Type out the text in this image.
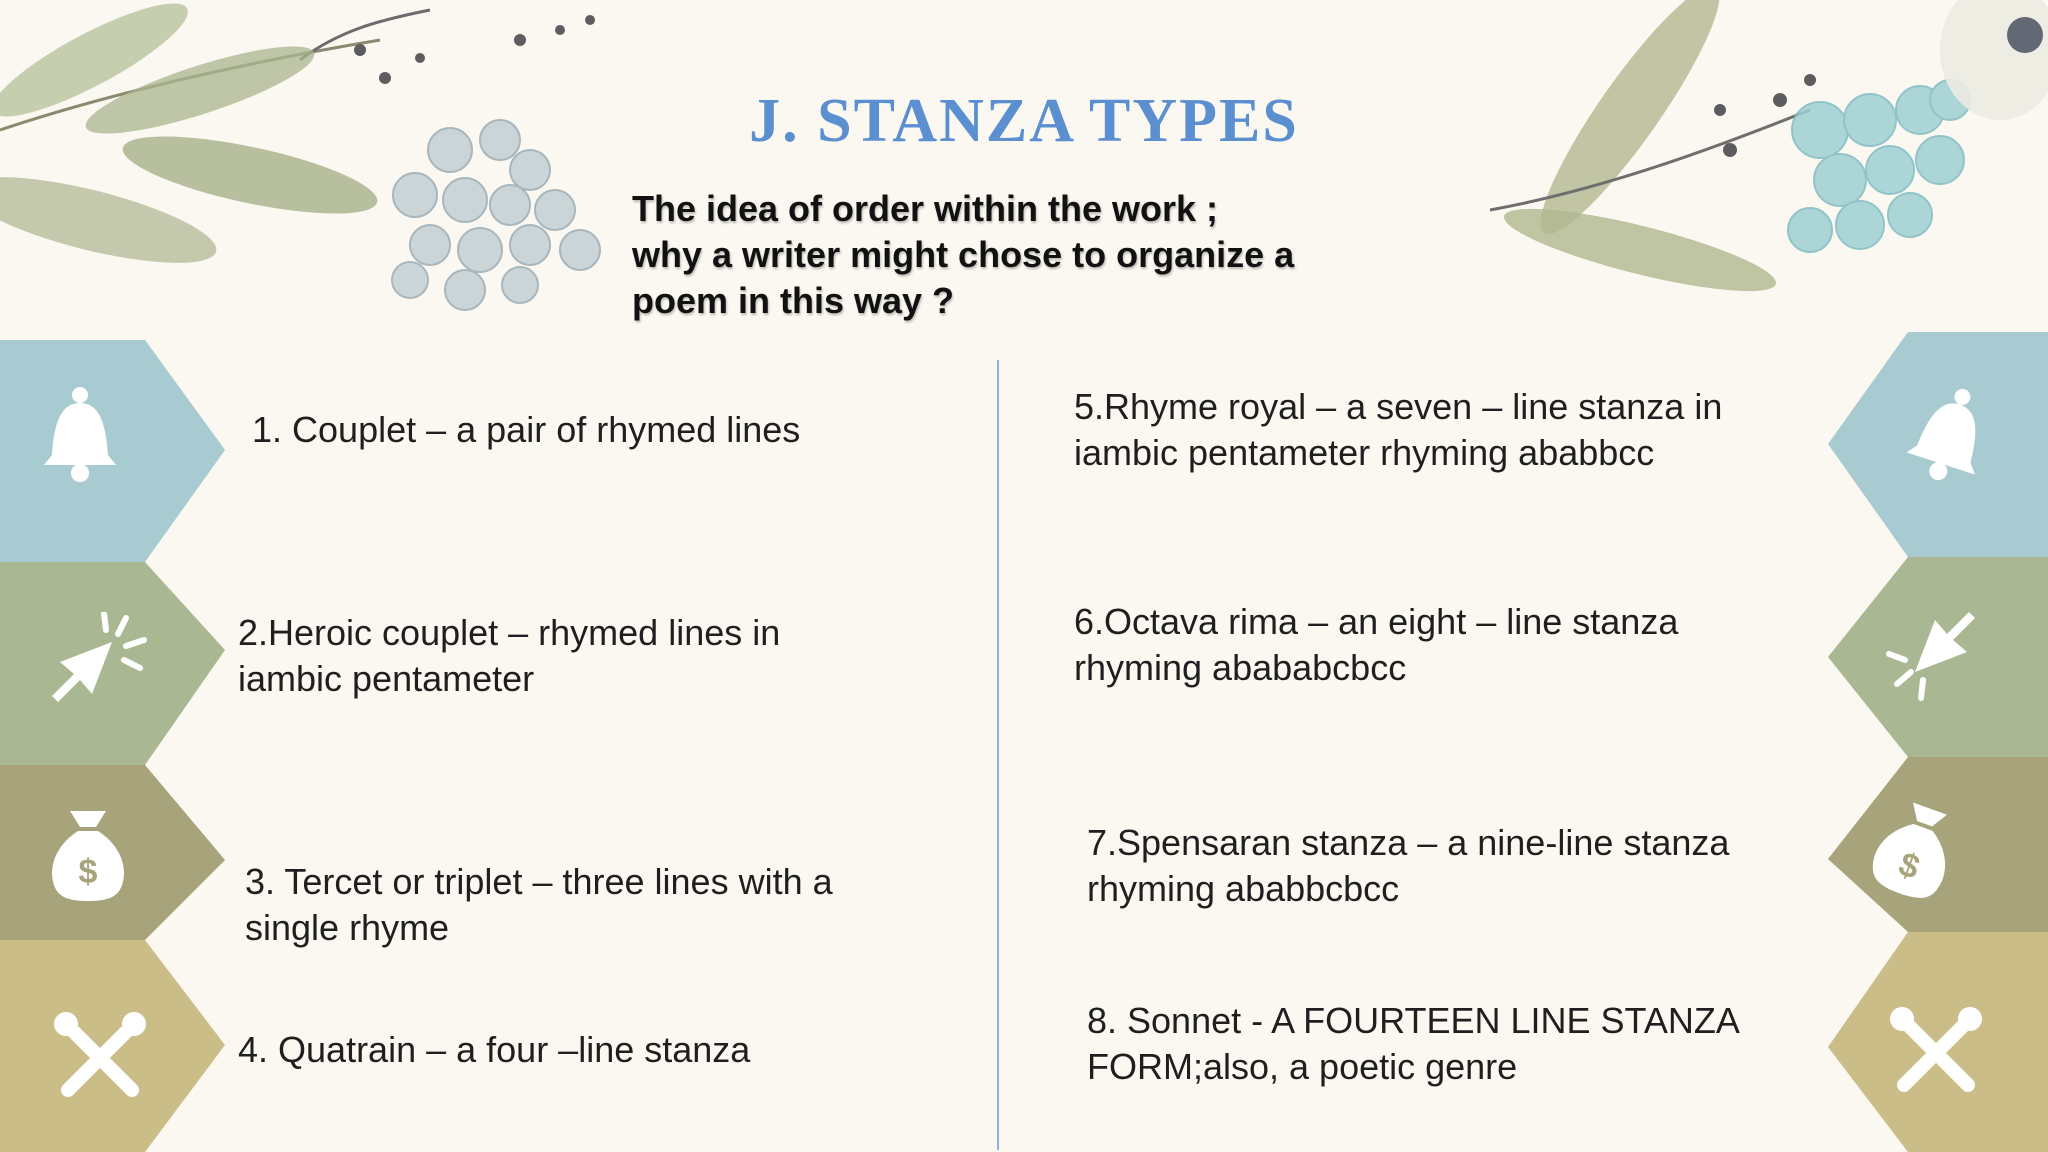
J. STANZA TYPES
The idea of order within the work ;
why a writer might chose to organize a
poem in this way ?
$	$
1. Couplet – a pair of rhymed lines
2.Heroic couplet – rhymed lines in
iambic pentameter
3. Tercet or triplet – three lines with a
single rhyme
4. Quatrain – a four –line stanza
5.Rhyme royal – a seven – line stanza in
iambic pentameter rhyming ababbcc
6.Octava rima – an eight – line stanza
rhyming abababcbcc
7.Spensaran stanza – a nine-line stanza
rhyming ababbcbcc
8. Sonnet - A FOURTEEN LINE STANZA
FORM;also, a poetic genre
